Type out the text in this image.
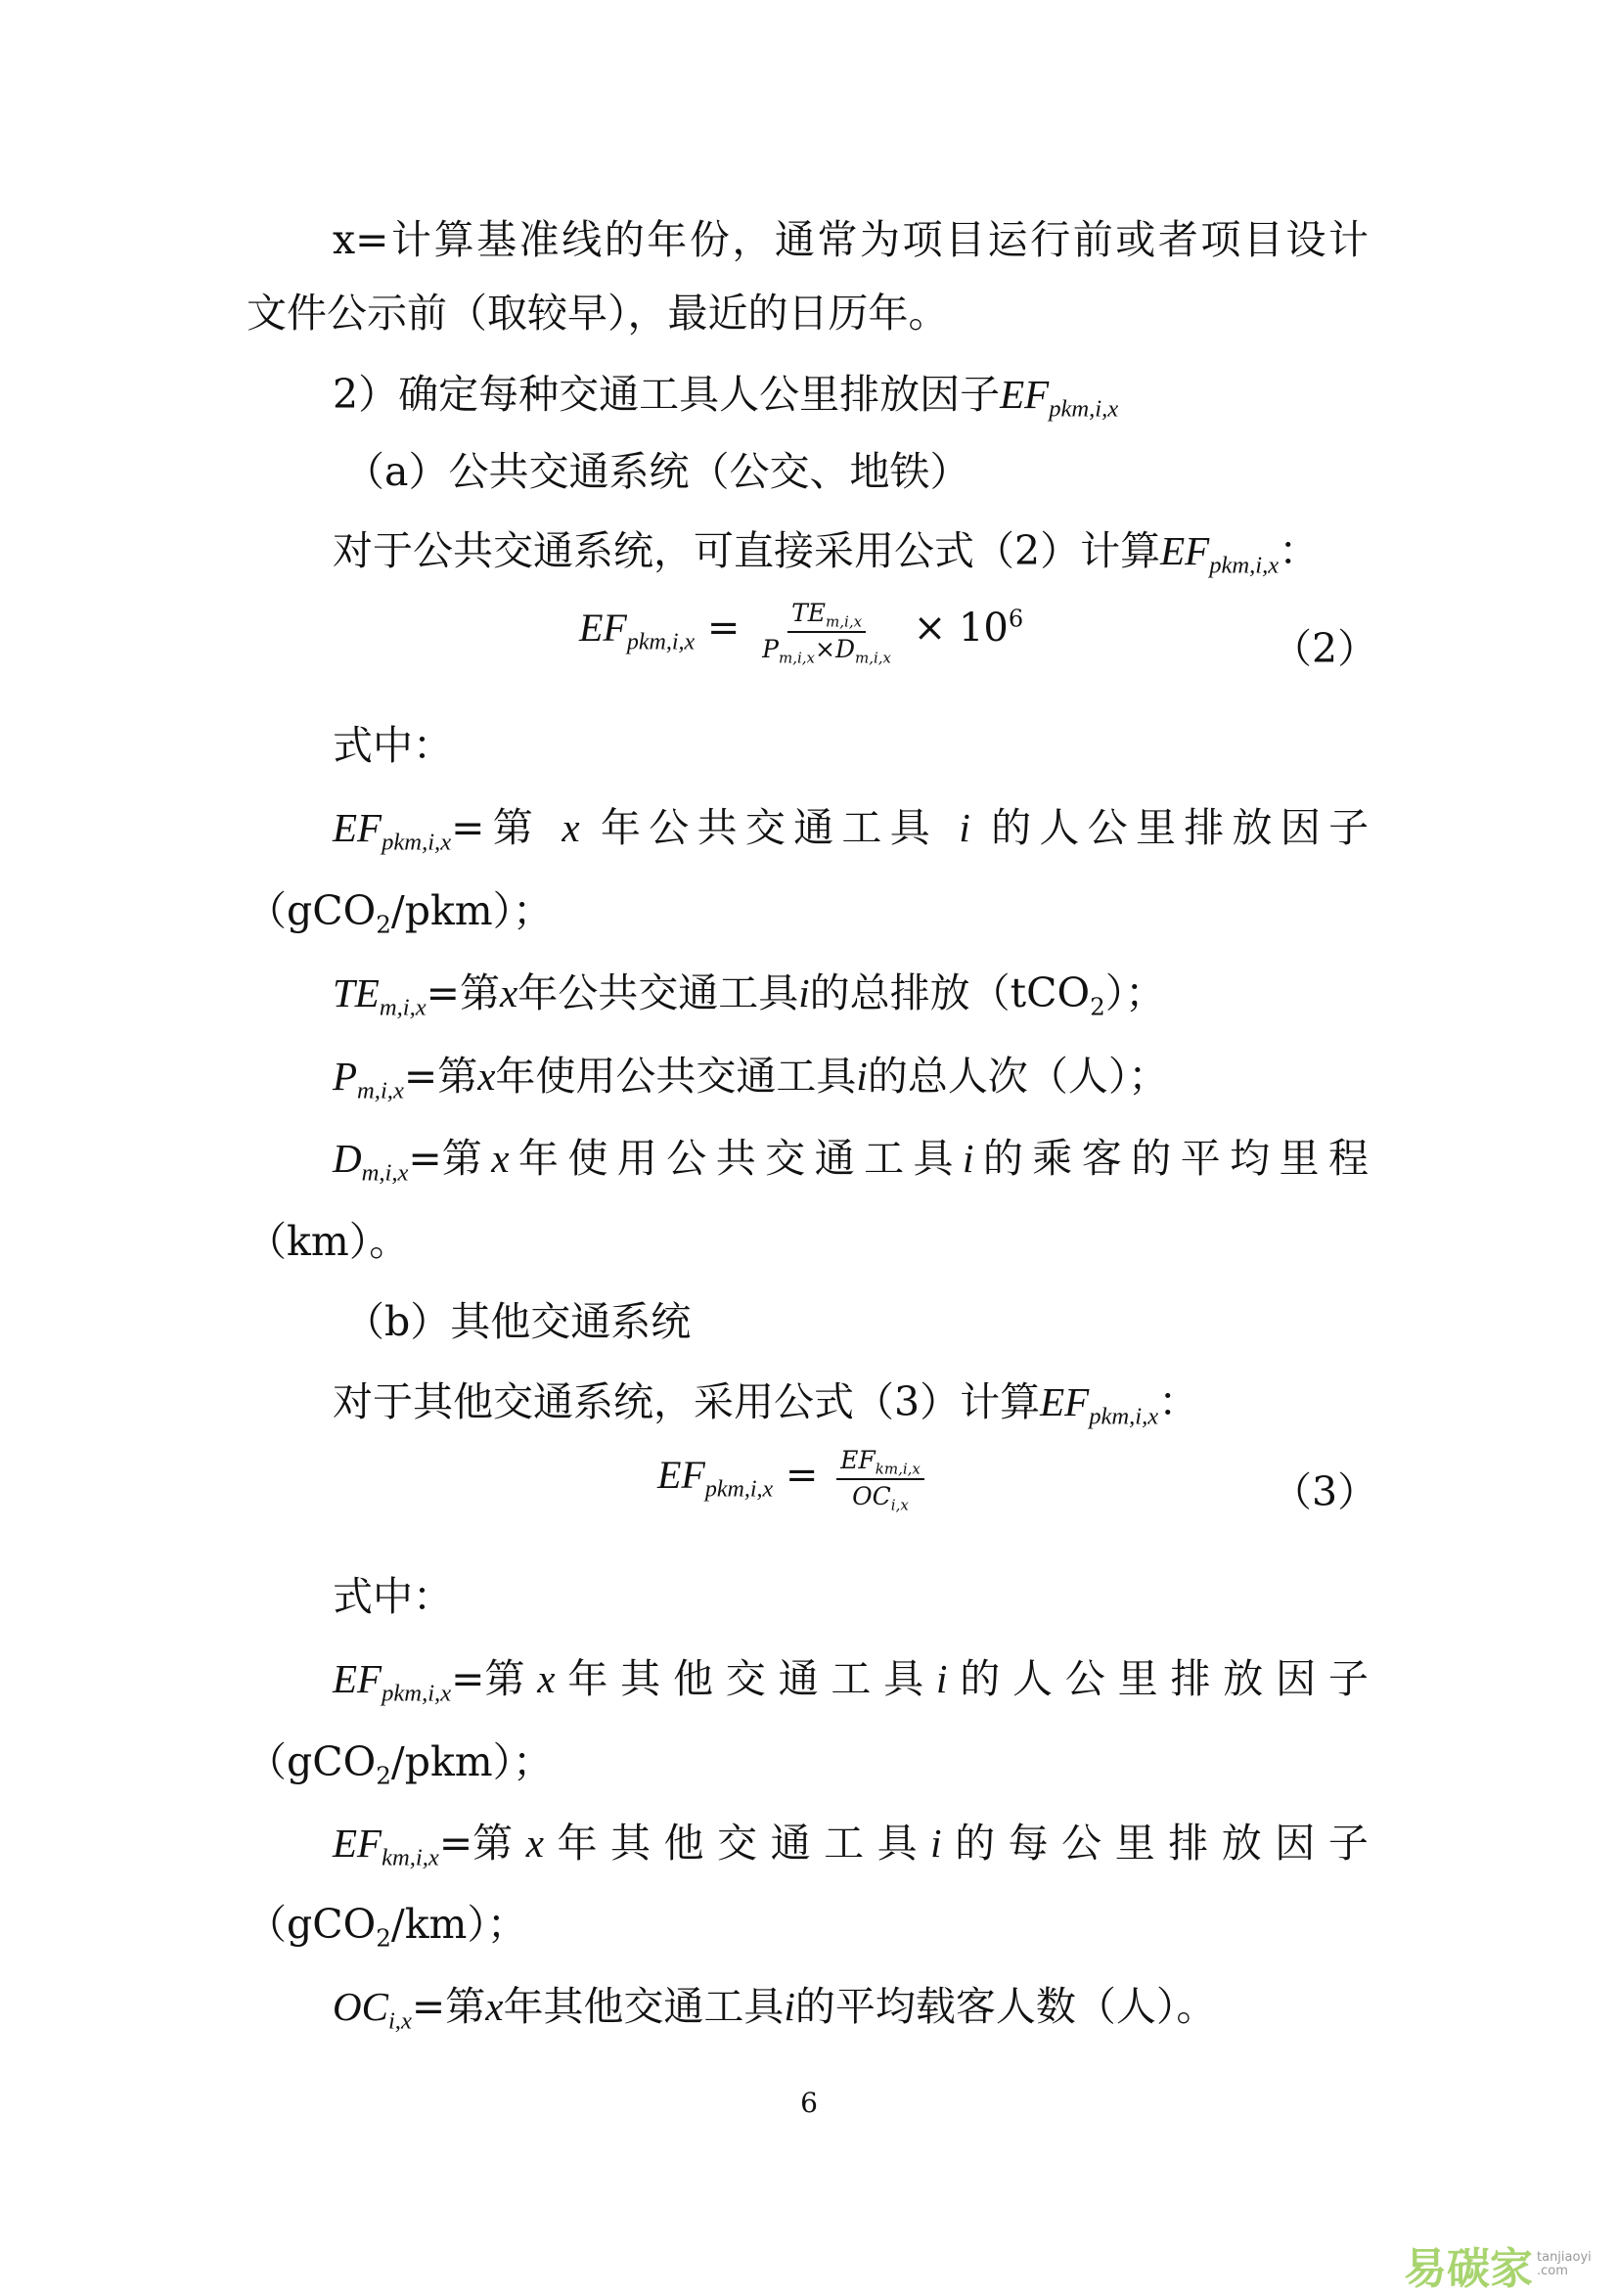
x=计算基准线的年份，通常为项目运行前或者项目设计
文件公示前（取较早），最近的日历年。
2）确定每种交通工具人公里排放因子$EF_{pkm,i,x}$
（a）公共交通系统（公交、地铁）
对于公共交通系统，可直接采用公式（2）计算$EF_{pkm,i,x}$：
$EF_{pkm,i,x} = \frac{TE_{m,i,x}}{P_{m,i,x}\times D_{m,i,x}} \times 10^6$
（2）
式中：
$EF_{pkm,i,x}=$第 x 年公共交通工具 i 的人公里排放因子
（gCO$_2$/pkm）；
$TE_{m,i,x}=$第x年公共交通工具i的总排放（tCO$_2$）；
$P_{m,i,x}=$第x年使用公共交通工具i的总人次（人）；
$D_{m,i,x}=$第 x 年 使 用 公 共 交 通 工 具 i 的 乘 客 的 平 均 里 程
（km）。
（b）其他交通系统
对于其他交通系统，采用公式（3）计算$EF_{pkm,i,x}$：
$EF_{pkm,i,x} = \frac{EF_{km,i,x}}{OC_{i,x}}$	（3）
式中：
$EF_{pkm,i,x}=$第 x 年 其 他 交 通 工 具 i 的 人 公 里 排 放 因 子
（gCO$_2$/pkm）；
$EF_{km,i,x}=$第 x 年 其 他 交 通 工 具 i 的 每 公 里 排 放 因 子
（gCO$_2$/km）；
$OC_{i,x}=$第x年其他交通工具i的平均载客人数（人）。
6
易碳家 tanjiaoyi
.com
